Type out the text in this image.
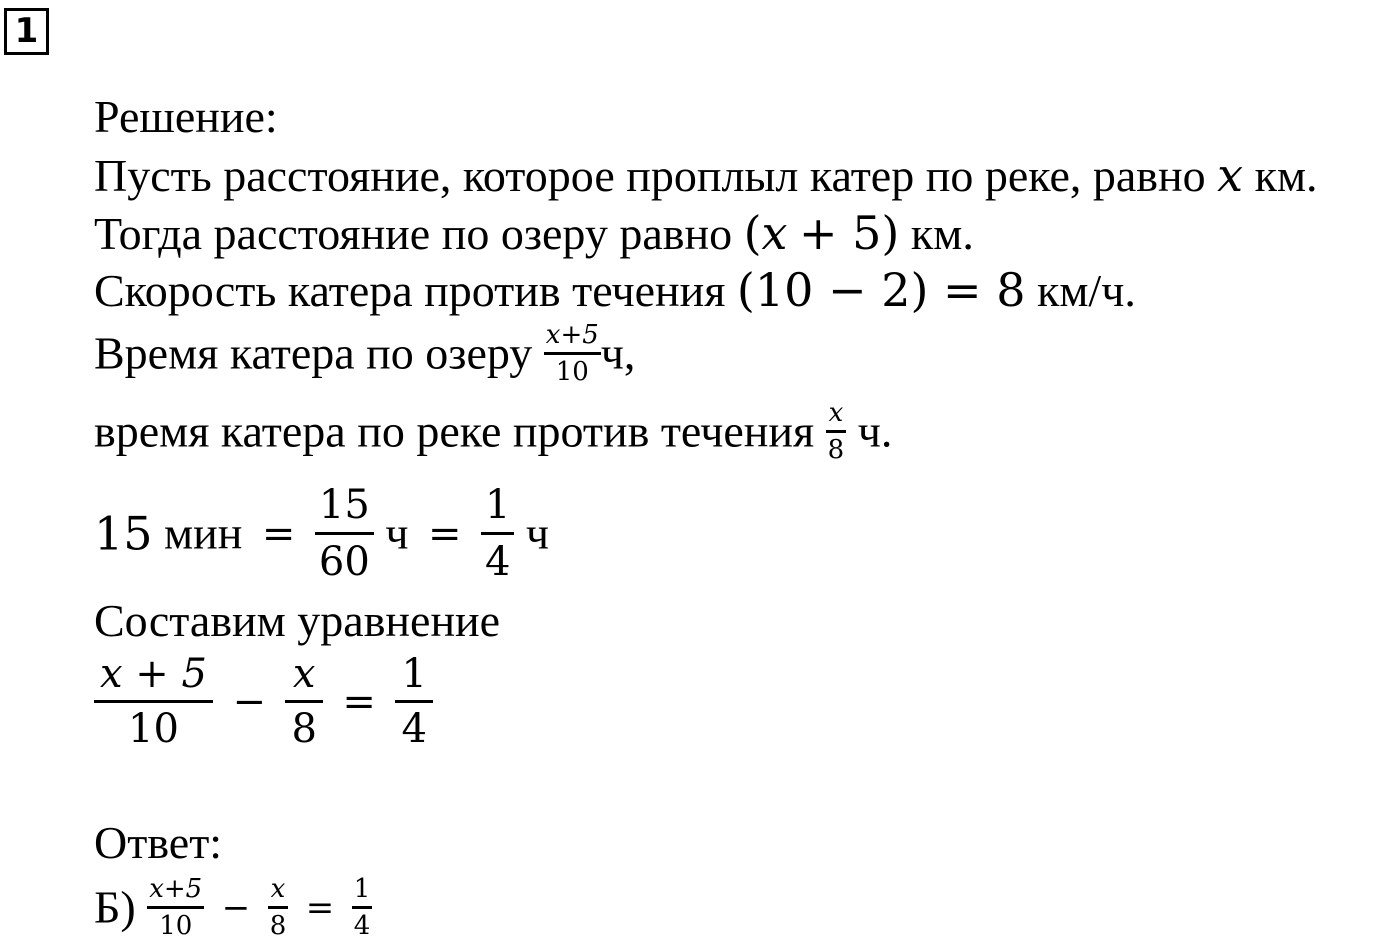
1
Решение:
Пусть расстояние, которое проплыл катер по реке, равно x км.
Тогда расстояние по озеру равно (x + 5) км.
Скорость катера против течения (10 − 2) = 8 км/ч.
Время катера по озеру $\frac{x+5}{10} ч$,
время катера по реке против течения $\frac{x}{8} ч$.
15 мин = $\frac{15}{60}$ $ч = \frac{1}{4}$ ч
Составим уравнение
$\frac{x + 5}{10} - \frac{x}{8} = \frac{1}{4}$
Ответ:
$Б) \frac{x+5}{10} - \frac{x}{8} = \frac{1}{4}$
